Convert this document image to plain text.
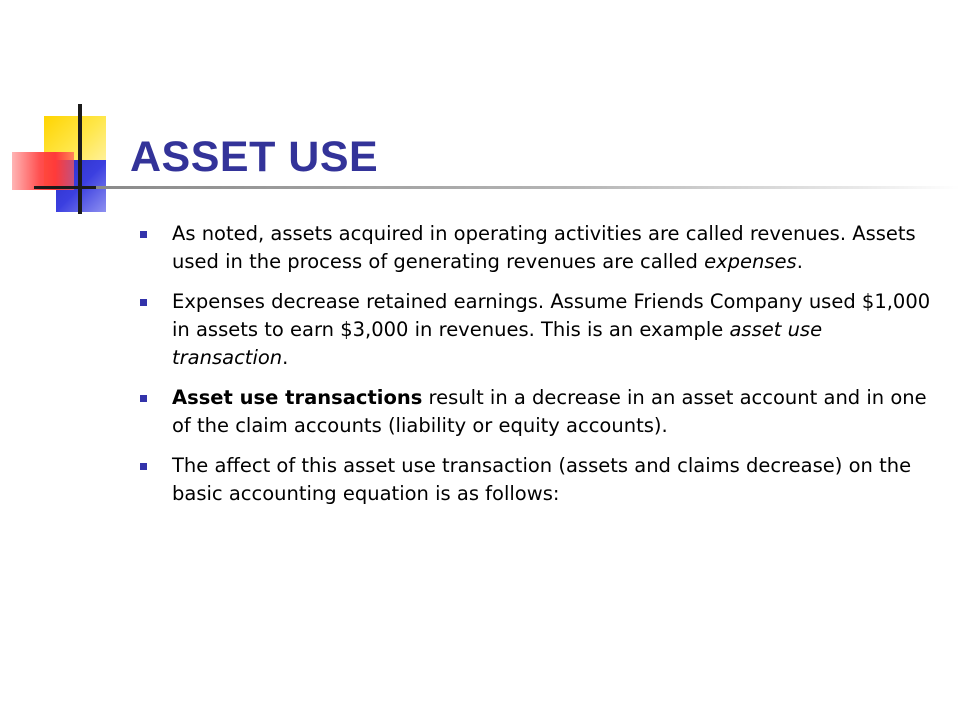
ASSET USE
As noted, assets acquired in operating activities are called revenues. Assets used in the process of generating revenues are called expenses.
Expenses decrease retained earnings. Assume Friends Company used $1,000 in assets to earn $3,000 in revenues. This is an example asset use transaction.
Asset use transactions result in a decrease in an asset account and in one of the claim accounts (liability or equity accounts).
The affect of this asset use transaction (assets and claims decrease) on the basic accounting equation is as follows:
